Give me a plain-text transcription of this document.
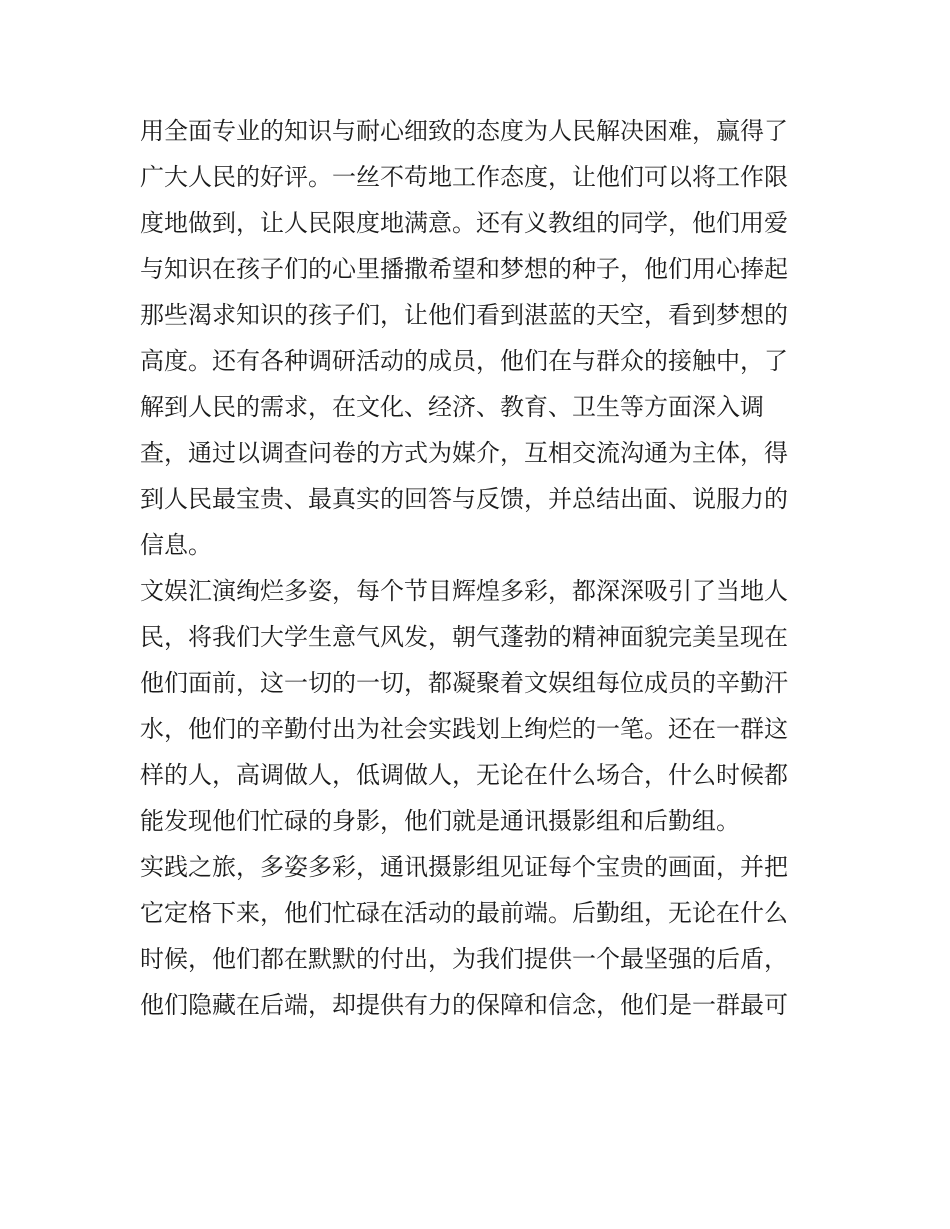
用全面专业的知识与耐心细致的态度为人民解决困难，赢得了
广大人民的好评。一丝不苟地工作态度，让他们可以将工作限
度地做到，让人民限度地满意。还有义教组的同学，他们用爱
与知识在孩子们的心里播撒希望和梦想的种子，他们用心捧起
那些渴求知识的孩子们，让他们看到湛蓝的天空，看到梦想的
高度。还有各种调研活动的成员，他们在与群众的接触中，了
解到人民的需求，在文化、经济、教育、卫生等方面深入调
查，通过以调查问卷的方式为媒介，互相交流沟通为主体，得
到人民最宝贵、最真实的回答与反馈，并总结出面、说服力的
信息。
文娱汇演绚烂多姿，每个节目辉煌多彩，都深深吸引了当地人
民，将我们大学生意气风发，朝气蓬勃的精神面貌完美呈现在
他们面前，这一切的一切，都凝聚着文娱组每位成员的辛勤汗
水，他们的辛勤付出为社会实践划上绚烂的一笔。还在一群这
样的人，高调做人，低调做人，无论在什么场合，什么时候都
能发现他们忙碌的身影，他们就是通讯摄影组和后勤组。
实践之旅，多姿多彩，通讯摄影组见证每个宝贵的画面，并把
它定格下来，他们忙碌在活动的最前端。后勤组，无论在什么
时候，他们都在默默的付出，为我们提供一个最坚强的后盾，
他们隐藏在后端，却提供有力的保障和信念，他们是一群最可
